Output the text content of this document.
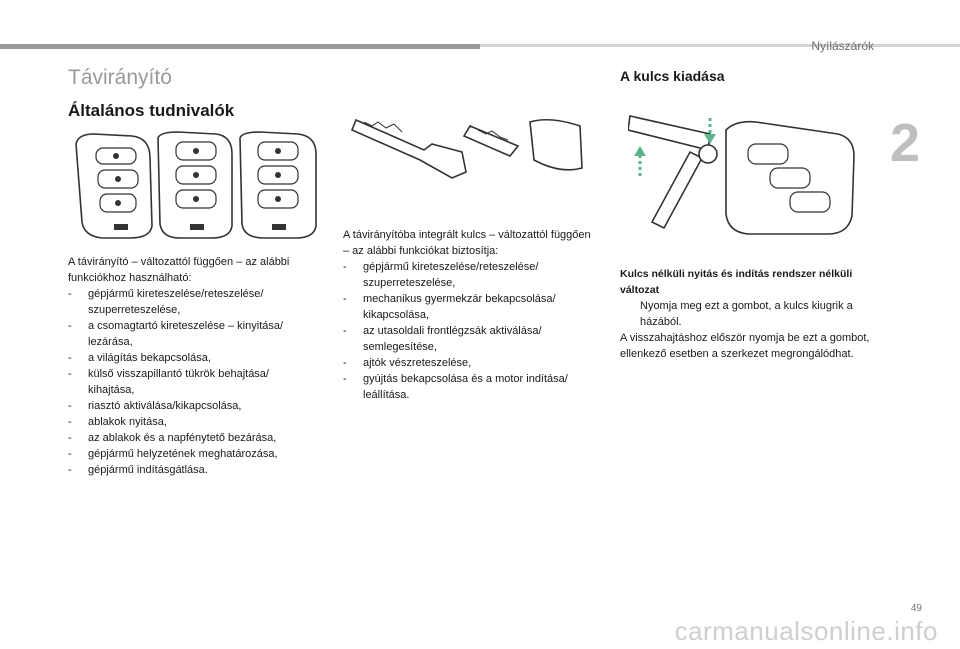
Nyílászárók
2
Távirányító
Általános tudnivalók
A kulcs kiadása
A távirányító – változattól függően – az alábbi funkciókhoz használható:
- gépjármű kireteszelése/reteszelése/ szuperreteszelése,
- a csomagtartó kireteszelése – kinyitása/ lezárása,
- a világítás bekapcsolása,
- külső visszapillantó tükrök behajtása/ kihajtása,
- riasztó aktiválása/kikapcsolása,
- ablakok nyitása,
- az ablakok és a napfénytető bezárása,
- gépjármű helyzetének meghatározása,
- gépjármű indításgátlása.
A távirányítóba integrált kulcs – változattól függően – az alábbi funkciókat biztosítja:
- gépjármű kireteszelése/reteszelése/ szuperreteszelése,
- mechanikus gyermekzár bekapcsolása/ kikapcsolása,
- az utasoldali frontlégzsák aktiválása/ semlegesítése,
- ajtók vészreteszelése,
- gyújtás bekapcsolása és a motor indítása/ leállítása.
Kulcs nélküli nyitás és indítás rendszer nélküli változat
Nyomja meg ezt a gombot, a kulcs kiugrik a házából.
A visszahajtáshoz először nyomja be ezt a gombot, ellenkező esetben a szerkezet megrongálódhat.
49
carmanualsonline.info
